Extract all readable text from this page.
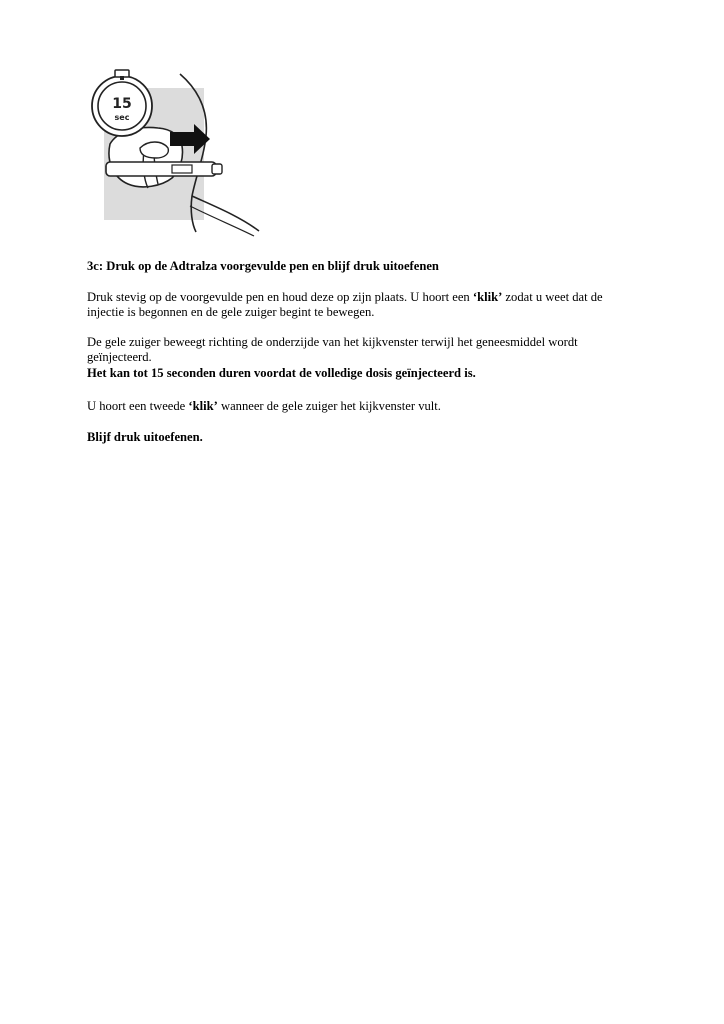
15
sec
3c: Druk op de Adtralza voorgevulde pen en blijf druk uitoefenen
Druk stevig op de voorgevulde pen en houd deze op zijn plaats. U hoort een ‘klik’ zodat u weet dat de
injectie is begonnen en de gele zuiger begint te bewegen.
De gele zuiger beweegt richting de onderzijde van het kijkvenster terwijl het geneesmiddel wordt
geïnjecteerd.
Het kan tot 15 seconden duren voordat de volledige dosis geïnjecteerd is.
U hoort een tweede ‘klik’ wanneer de gele zuiger het kijkvenster vult.
Blijf druk uitoefenen.
